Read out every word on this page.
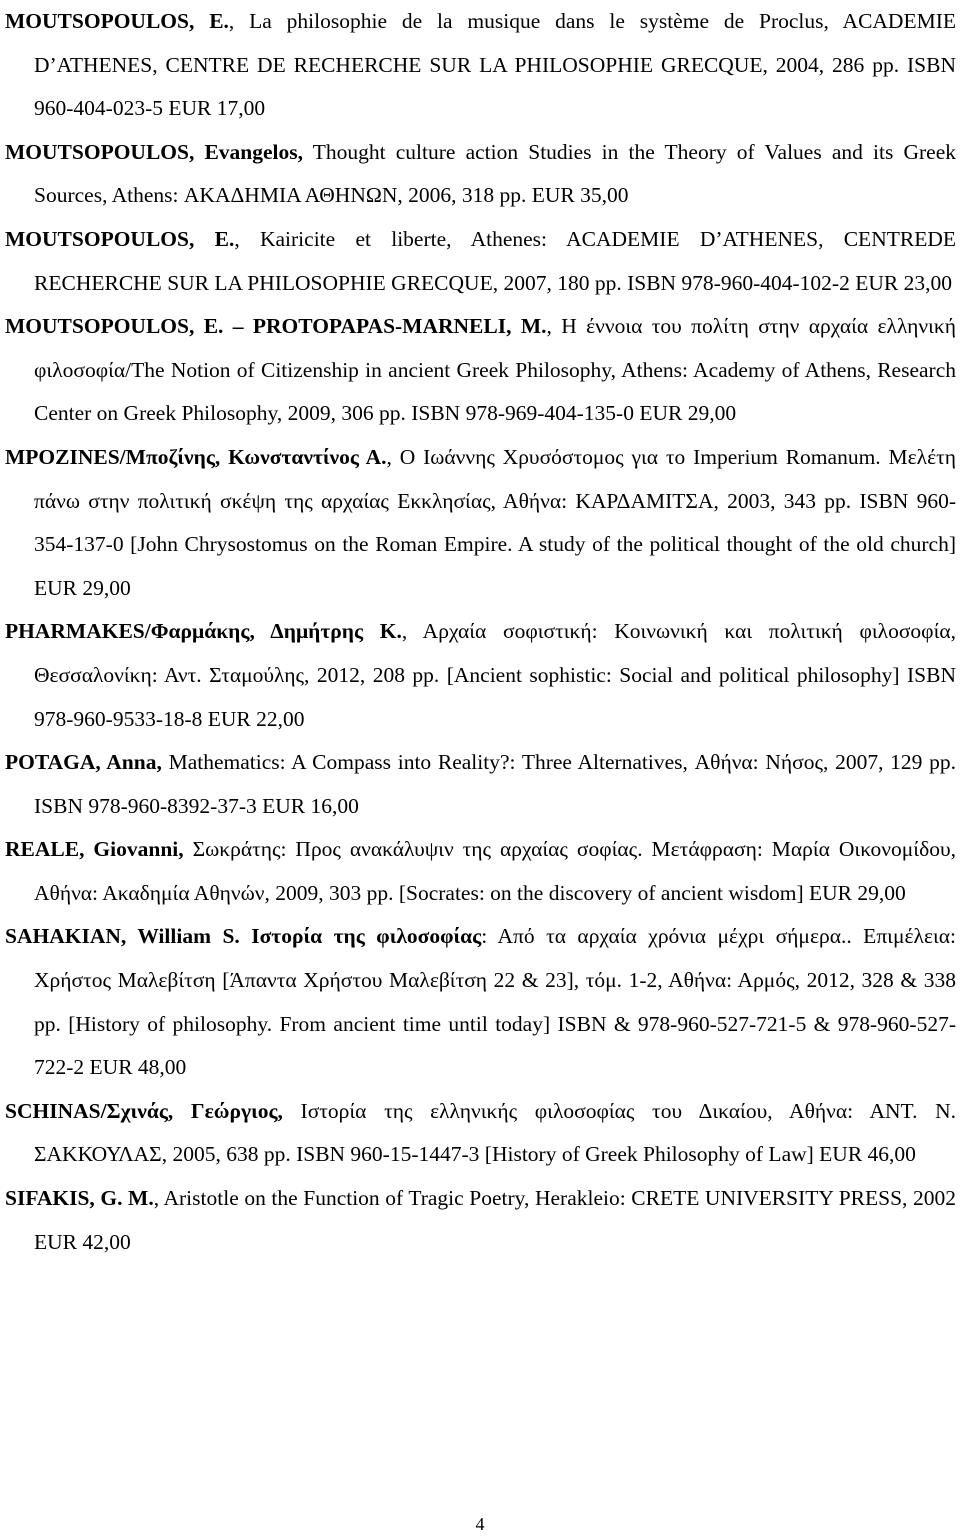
MOUTSOPOULOS, E., La philosophie de la musique dans le système de Proclus, ACADEMIE D’ATHENES, CENTRE DE RECHERCHE SUR LA PHILOSOPHIE GRECQUE, 2004, 286 pp. ISBN 960-404-023-5 EUR 17,00

MOUTSOPOULOS, Evangelos, Thought culture action Studies in the Theory of Values and its Greek Sources, Athens: ΑΚΑΔΗΜΙΑ ΑΘΗΝΩΝ, 2006, 318 pp. EUR 35,00

MOUTSOPOULOS, E., Kairicite et liberte, Athenes: ACADEMIE D’ATHENES, CENTREDE RECHERCHE SUR LA PHILOSOPHIE GRECQUE, 2007, 180 pp. ISBN 978-960-404-102-2 EUR 23,00

MOUTSOPOULOS, E. – PROTOPAPAS-MARNELI, M., Η έννοια του πολίτη στην αρχαία ελληνική φιλοσοφία/The Notion of Citizenship in ancient Greek Philosophy, Athens: Academy of Athens, Research Center on Greek Philosophy, 2009, 306 pp. ISBN 978-969-404-135-0 EUR 29,00

MPOZINES/Μποζίνης, Κωνσταντίνος Α., Ο Ιωάννης Χρυσόστομος για το Imperium Romanum. Μελέτη πάνω στην πολιτική σκέψη της αρχαίας Εκκλησίας, Αθήνα: ΚΑΡΔΑΜΙΤΣΑ, 2003, 343 pp. ISBN 960-354-137-0 [John Chrysostomus on the Roman Empire. A study of the political thought of the old church] EUR 29,00

PHARMAKES/Φαρμάκης, Δημήτρης Κ., Αρχαία σοφιστική: Κοινωνική και πολιτική φιλοσοφία, Θεσσαλονίκη: Αντ. Σταμούλης, 2012, 208 pp. [Ancient sophistic: Social and political philosophy] ISBN 978-960-9533-18-8 EUR 22,00

POTAGA, Anna, Mathematics: A Compass into Reality?: Three Alternatives, Αθήνα: Νήσος, 2007, 129 pp. ISBN 978-960-8392-37-3 EUR 16,00

REALE, Giovanni, Σωκράτης: Προς ανακάλυψιν της αρχαίας σοφίας. Μετάφραση: Μαρία Οικονομίδου, Αθήνα: Ακαδημία Αθηνών, 2009, 303 pp. [Socrates: on the discovery of ancient wisdom] EUR 29,00

SAHAKIAN, William S. Ιστορία της φιλοσοφίας: Από τα αρχαία χρόνια μέχρι σήμερα.. Επιμέλεια: Χρήστος Μαλεβίτση [Άπαντα Χρήστου Μαλεβίτση 22 & 23], τόμ. 1-2, Αθήνα: Αρμός, 2012, 328 & 338 pp. [History of philosophy. From ancient time until today] ISBN & 978-960-527-721-5 & 978-960-527-722-2 EUR 48,00

SCHINAS/Σχινάς, Γεώργιος, Ιστορία της ελληνικής φιλοσοφίας του Δικαίου, Αθήνα: ΑΝΤ. Ν. ΣΑΚΚΟΥΛΑΣ, 2005, 638 pp. ISBN 960-15-1447-3 [History of Greek Philosophy of Law] EUR 46,00

SIFAKIS, G. M., Aristotle on the Function of Tragic Poetry, Herakleio: CRETE UNIVERSITY PRESS, 2002 EUR 42,00

4
